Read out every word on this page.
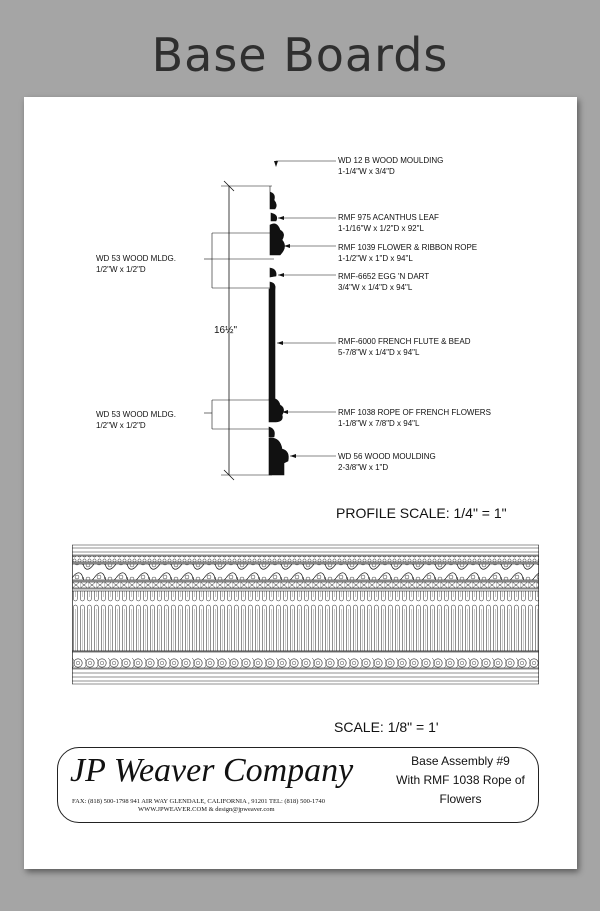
Base Boards
16½"
WD 53 WOOD MLDG.
1/2"W x 1/2"D
WD 53 WOOD MLDG.
1/2"W x 1/2"D
WD 12 B WOOD MOULDING
1-1/4"W x 3/4"D
RMF 975 ACANTHUS LEAF
1-1/16"W x 1/2"D x 92"L
RMF 1039 FLOWER & RIBBON ROPE
1-1/2"W x 1"D x 94"L
RMF-6652 EGG 'N DART
3/4"W x 1/4"D x 94"L
RMF-6000 FRENCH FLUTE & BEAD
5-7/8"W x 1/4"D x 94"L
RMF 1038 ROPE OF FRENCH FLOWERS
1-1/8"W x 7/8"D x 94"L
WD 56 WOOD MOULDING
2-3/8"W x 1"D
PROFILE SCALE: 1/4" = 1"
SCALE: 1/8" = 1'
JP Weaver Company
FAX: (818) 500-1798 941 AIR WAY GLENDALE, CALIFORNIA , 91201 TEL: (818) 500-1740
WWW.JPWEAVER.COM & design@jpweaver.com
Base Assembly #9
With RMF 1038 Rope of
Flowers
